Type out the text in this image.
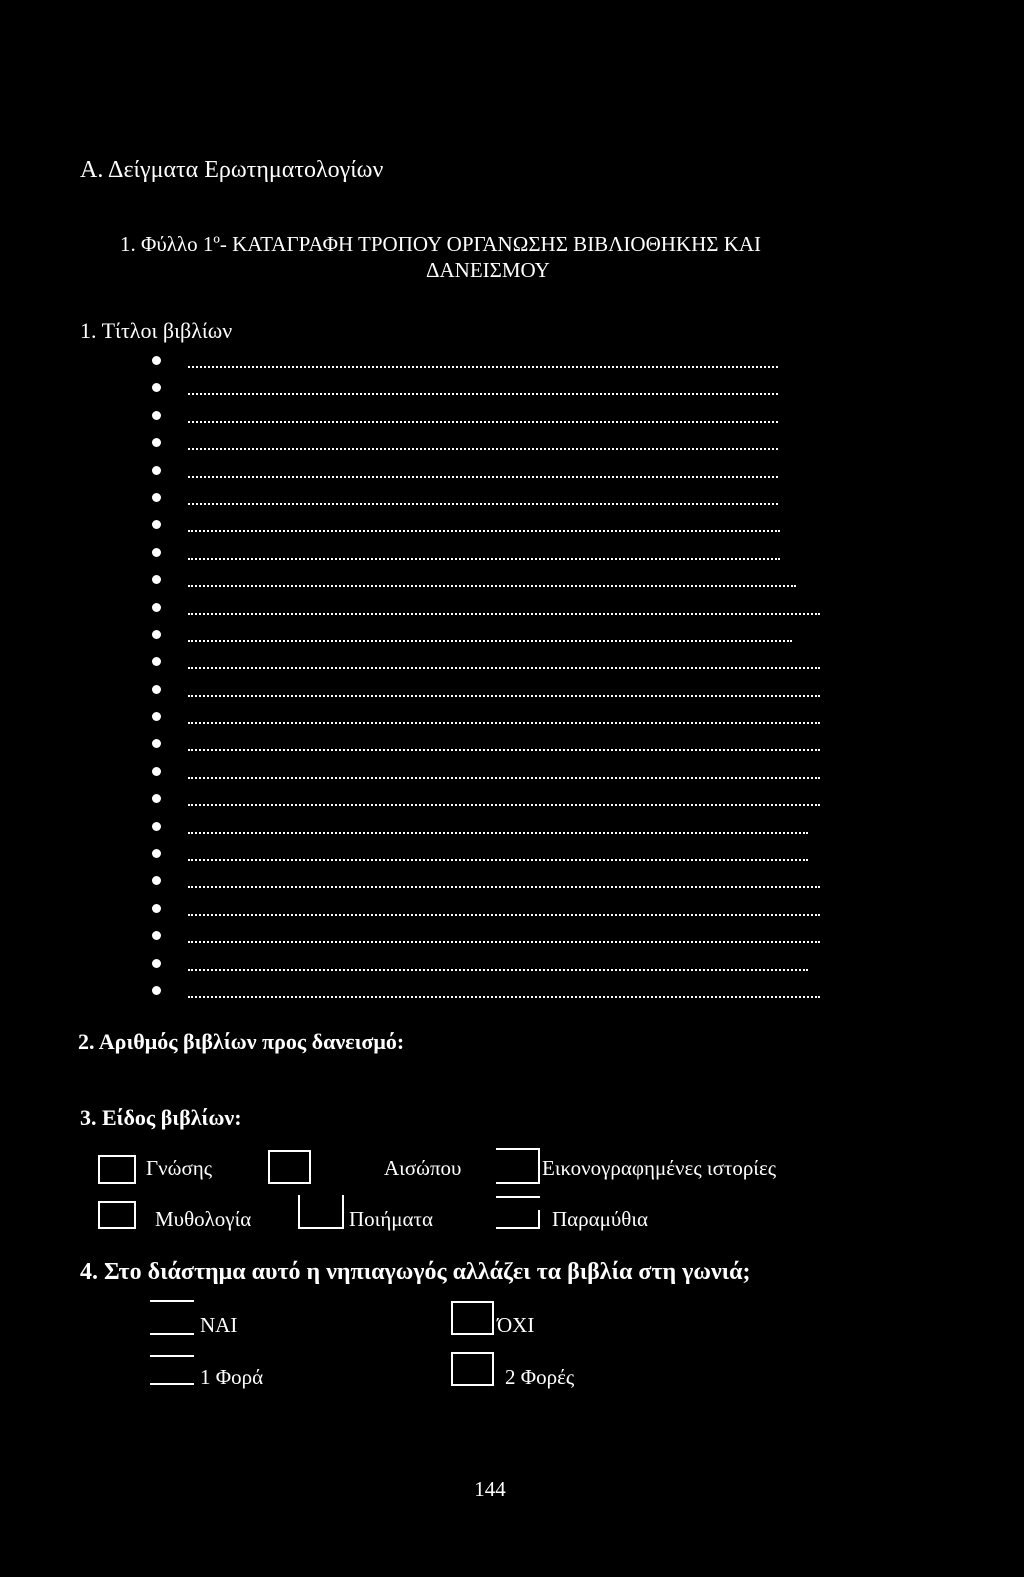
Α. Δείγματα Ερωτηματολογίων
1. Φύλλο 1º- ΚΑΤΑΓΡΑΦΗ ΤΡΟΠΟΥ ΟΡΓΑΝΩΣΗΣ ΒΙΒΛΙΟΘΗΚΗΣ ΚΑΙ
ΔΑΝΕΙΣΜΟΥ
1. Τίτλοι βιβλίων
2. Αριθμός βιβλίων προς δανεισμό:
3. Είδος βιβλίων:
Γνώσης	Αισώπου	Εικονογραφημένες ιστορίες
Μυθολογία	Ποιήματα	Παραμύθια
4. Στο διάστημα αυτό η νηπιαγωγός αλλάζει τα βιβλία στη γωνιά;
ΝΑΙ	ΌΧΙ
1 Φορά	2 Φορές
144
